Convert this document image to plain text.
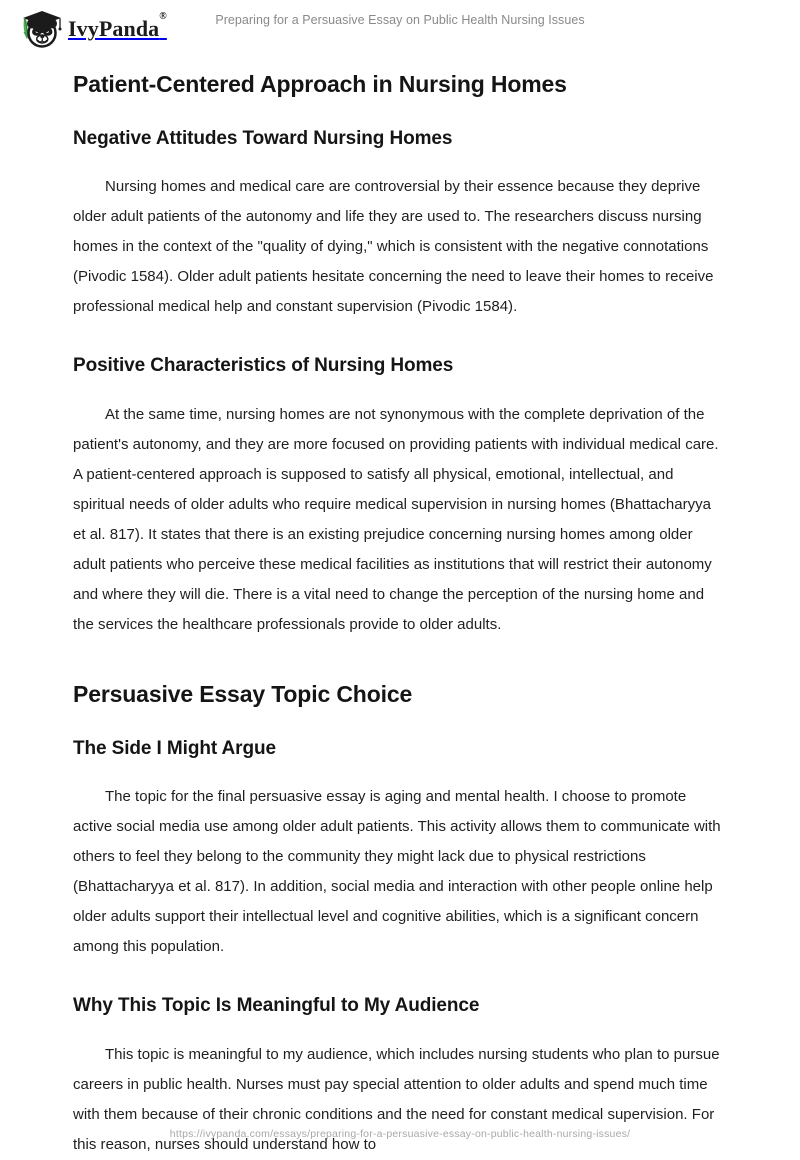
IvyPanda®	Preparing for a Persuasive Essay on Public Health Nursing Issues
Patient-Centered Approach in Nursing Homes
Negative Attitudes Toward Nursing Homes

Nursing homes and medical care are controversial by their essence because they deprive older adult patients of the autonomy and life they are used to. The researchers discuss nursing homes in the context of the "quality of dying," which is consistent with the negative connotations (Pivodic 1584). Older adult patients hesitate concerning the need to leave their homes to receive professional medical help and constant supervision (Pivodic 1584).

Positive Characteristics of Nursing Homes

At the same time, nursing homes are not synonymous with the complete deprivation of the patient's autonomy, and they are more focused on providing patients with individual medical care. A patient-centered approach is supposed to satisfy all physical, emotional, intellectual, and spiritual needs of older adults who require medical supervision in nursing homes (Bhattacharyya et al. 817). It states that there is an existing prejudice concerning nursing homes among older adult patients who perceive these medical facilities as institutions that will restrict their autonomy and where they will die. There is a vital need to change the perception of the nursing home and the services the healthcare professionals provide to older adults.

Persuasive Essay Topic Choice
The Side I Might Argue

The topic for the final persuasive essay is aging and mental health. I choose to promote active social media use among older adult patients. This activity allows them to communicate with others to feel they belong to the community they might lack due to physical restrictions (Bhattacharyya et al. 817). In addition, social media and interaction with other people online help older adults support their intellectual level and cognitive abilities, which is a significant concern among this population.

Why This Topic Is Meaningful to My Audience

This topic is meaningful to my audience, which includes nursing students who plan to pursue careers in public health. Nurses must pay special attention to older adults and spend much time with them because of their chronic conditions and the need for constant medical supervision. For this reason, nurses should understand how to

https://ivypanda.com/essays/preparing-for-a-persuasive-essay-on-public-health-nursing-issues/
